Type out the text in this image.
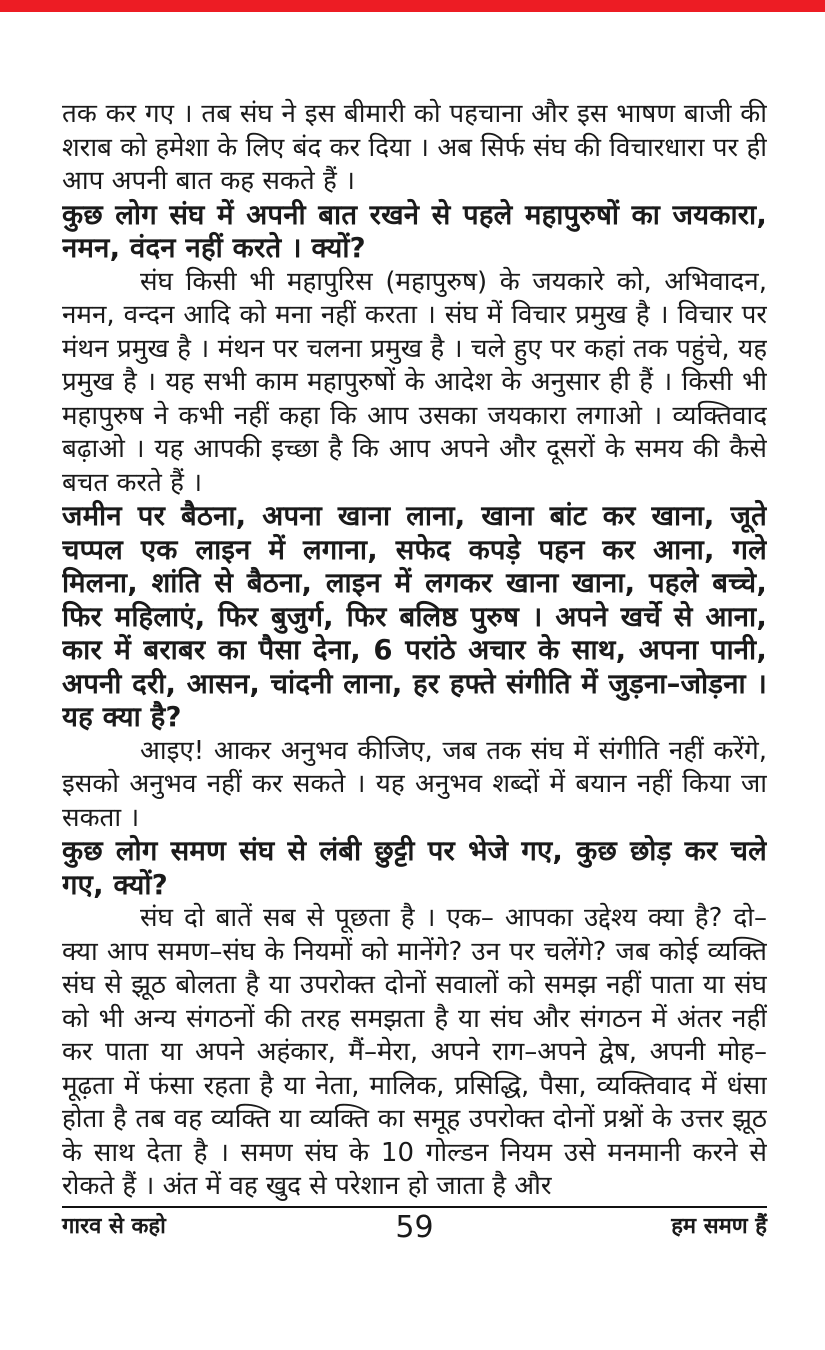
तक कर गए । तब संघ ने इस बीमारी को पहचाना और इस भाषण बाजी की शराब को हमेशा के लिए बंद कर दिया । अब सिर्फ संघ की विचारधारा पर ही आप अपनी बात कह सकते हैं ।

कुछ लोग संघ में अपनी बात रखने से पहले महापुरुषों का जयकारा, नमन, वंदन नहीं करते । क्यों?

संघ किसी भी महापुरिस (महापुरुष) के जयकारे को, अभिवादन, नमन, वन्दन आदि को मना नहीं करता । संघ में विचार प्रमुख है । विचार पर मंथन प्रमुख है । मंथन पर चलना प्रमुख है । चले हुए पर कहां तक पहुंचे, यह प्रमुख है । यह सभी काम महापुरुषों के आदेश के अनुसार ही हैं । किसी भी महापुरुष ने कभी नहीं कहा कि आप उसका जयकारा लगाओ । व्यक्तिवाद बढ़ाओ । यह आपकी इच्छा है कि आप अपने और दूसरों के समय की कैसे बचत करते हैं ।

जमीन पर बैठना, अपना खाना लाना, खाना बांट कर खाना, जूते चप्पल एक लाइन में लगाना, सफेद कपड़े पहन कर आना, गले मिलना, शांति से बैठना, लाइन में लगकर खाना खाना, पहले बच्चे, फिर महिलाएं, फिर बुजुर्ग, फिर बलिष्ठ पुरुष । अपने खर्चे से आना, कार में बराबर का पैसा देना, 6 परांठे अचार के साथ, अपना पानी, अपनी दरी, आसन, चांदनी लाना, हर हफ्ते संगीति में जुड़ना–जोड़ना । यह क्या है?

आइए! आकर अनुभव कीजिए, जब तक संघ में संगीति नहीं करेंगे, इसको अनुभव नहीं कर सकते । यह अनुभव शब्दों में बयान नहीं किया जा सकता ।

कुछ लोग समण संघ से लंबी छुट्टी पर भेजे गए, कुछ छोड़ कर चले गए, क्यों?

संघ दो बातें सब से पूछता है । एक– आपका उद्देश्य क्या है? दो– क्या आप समण–संघ के नियमों को मानेंगे? उन पर चलेंगे? जब कोई व्यक्ति संघ से झूठ बोलता है या उपरोक्त दोनों सवालों को समझ नहीं पाता या संघ को भी अन्य संगठनों की तरह समझता है या संघ और संगठन में अंतर नहीं कर पाता या अपने अहंकार, मैं–मेरा, अपने राग–अपने द्वेष, अपनी मोह–मूढ़ता में फंसा रहता है या नेता, मालिक, प्रसिद्धि, पैसा, व्यक्तिवाद में धंसा होता है तब वह व्यक्ति या व्यक्ति का समूह उपरोक्त दोनों प्रश्नों के उत्तर झूठ के साथ देता है । समण संघ के 10 गोल्डन नियम उसे मनमानी करने से रोकते हैं । अंत में वह खुद से परेशान हो जाता है और

गारव से कहो	59	हम समण हैं
